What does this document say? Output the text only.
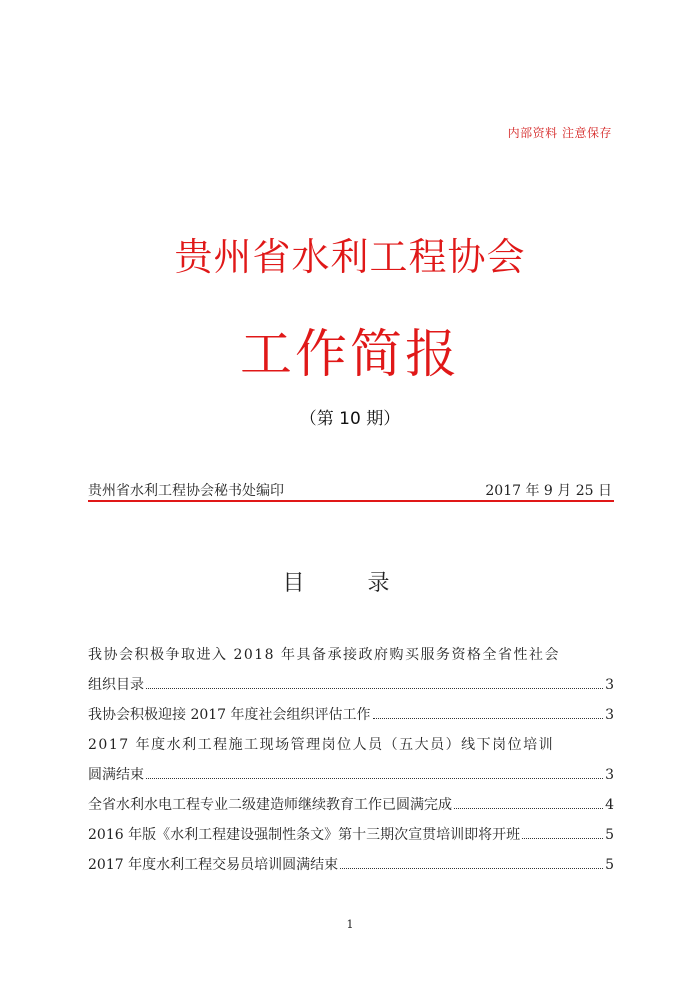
内部资料 注意保存
贵州省水利工程协会
工作简报
（第 10 期）
贵州省水利工程协会秘书处编印	2017 年 9 月 25 日
目 录
我协会积极争取进入 2018 年具备承接政府购买服务资格全省性社会
组织目录	3
我协会积极迎接 2017 年度社会组织评估工作	3
2017 年度水利工程施工现场管理岗位人员（五大员）线下岗位培训
圆满结束	3
全省水利水电工程专业二级建造师继续教育工作已圆满完成	4
2016 年版《水利工程建设强制性条文》第十三期次宣贯培训即将开班	5
2017 年度水利工程交易员培训圆满结束	5
1
